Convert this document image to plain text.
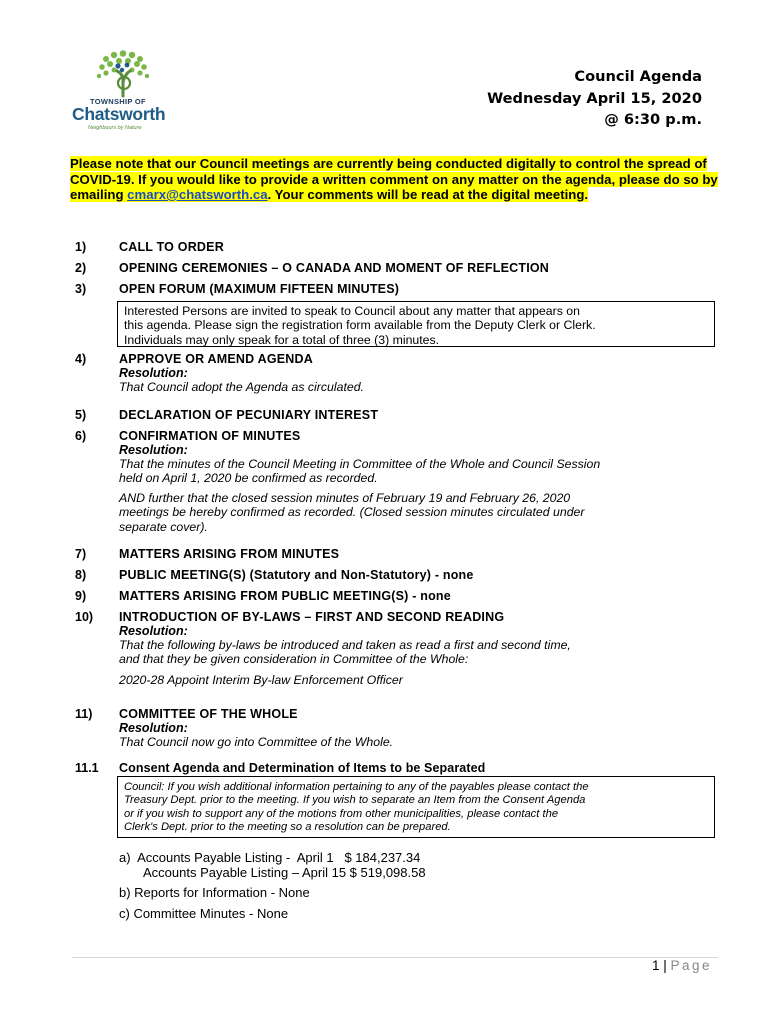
TOWNSHIP OF
Chatsworth
Neighbours by Nature
Council Agenda
Wednesday April 15, 2020
@ 6:30 p.m.
Please note that our Council meetings are currently being conducted digitally to control the spread of COVID-19. If you would like to provide a written comment on any matter on the agenda, please do so by emailing cmarx@chatsworth.ca. Your comments will be read at the digital meeting.
1)	CALL TO ORDER
2)	OPENING CEREMONIES – O CANADA AND MOMENT OF REFLECTION
3)	OPEN FORUM (MAXIMUM FIFTEEN MINUTES)
Interested Persons are invited to speak to Council about any matter that appears on
this agenda. Please sign the registration form available from the Deputy Clerk or Clerk.
Individuals may only speak for a total of three (3) minutes.
4)	APPROVE OR AMEND AGENDA
Resolution:
That Council adopt the Agenda as circulated.
5)	DECLARATION OF PECUNIARY INTEREST
6)	CONFIRMATION OF MINUTES
Resolution:
That the minutes of the Council Meeting in Committee of the Whole and Council Session
held on April 1, 2020 be confirmed as recorded.
AND further that the closed session minutes of February 19 and February 26, 2020
meetings be hereby confirmed as recorded. (Closed session minutes circulated under
separate cover).
7)	MATTERS ARISING FROM MINUTES
8)	PUBLIC MEETING(S) (Statutory and Non-Statutory) - none
9)	MATTERS ARISING FROM PUBLIC MEETING(S) - none
10) INTRODUCTION OF BY-LAWS – FIRST AND SECOND READING
Resolution:
That the following by-laws be introduced and taken as read a first and second time,
and that they be given consideration in Committee of the Whole:
2020-28 Appoint Interim By-law Enforcement Officer
11) COMMITTEE OF THE WHOLE
Resolution:
That Council now go into Committee of the Whole.
11.1 Consent Agenda and Determination of Items to be Separated
Council: If you wish additional information pertaining to any of the payables please contact the
Treasury Dept. prior to the meeting. If you wish to separate an Item from the Consent Agenda
or if you wish to support any of the motions from other municipalities, please contact the
Clerk's Dept. prior to the meeting so a resolution can be prepared.
a)  Accounts Payable Listing -  April 1   $ 184,237.34
Accounts Payable Listing – April 15 $ 519,098.58
b) Reports for Information - None
c) Committee Minutes - None
1 | Page
